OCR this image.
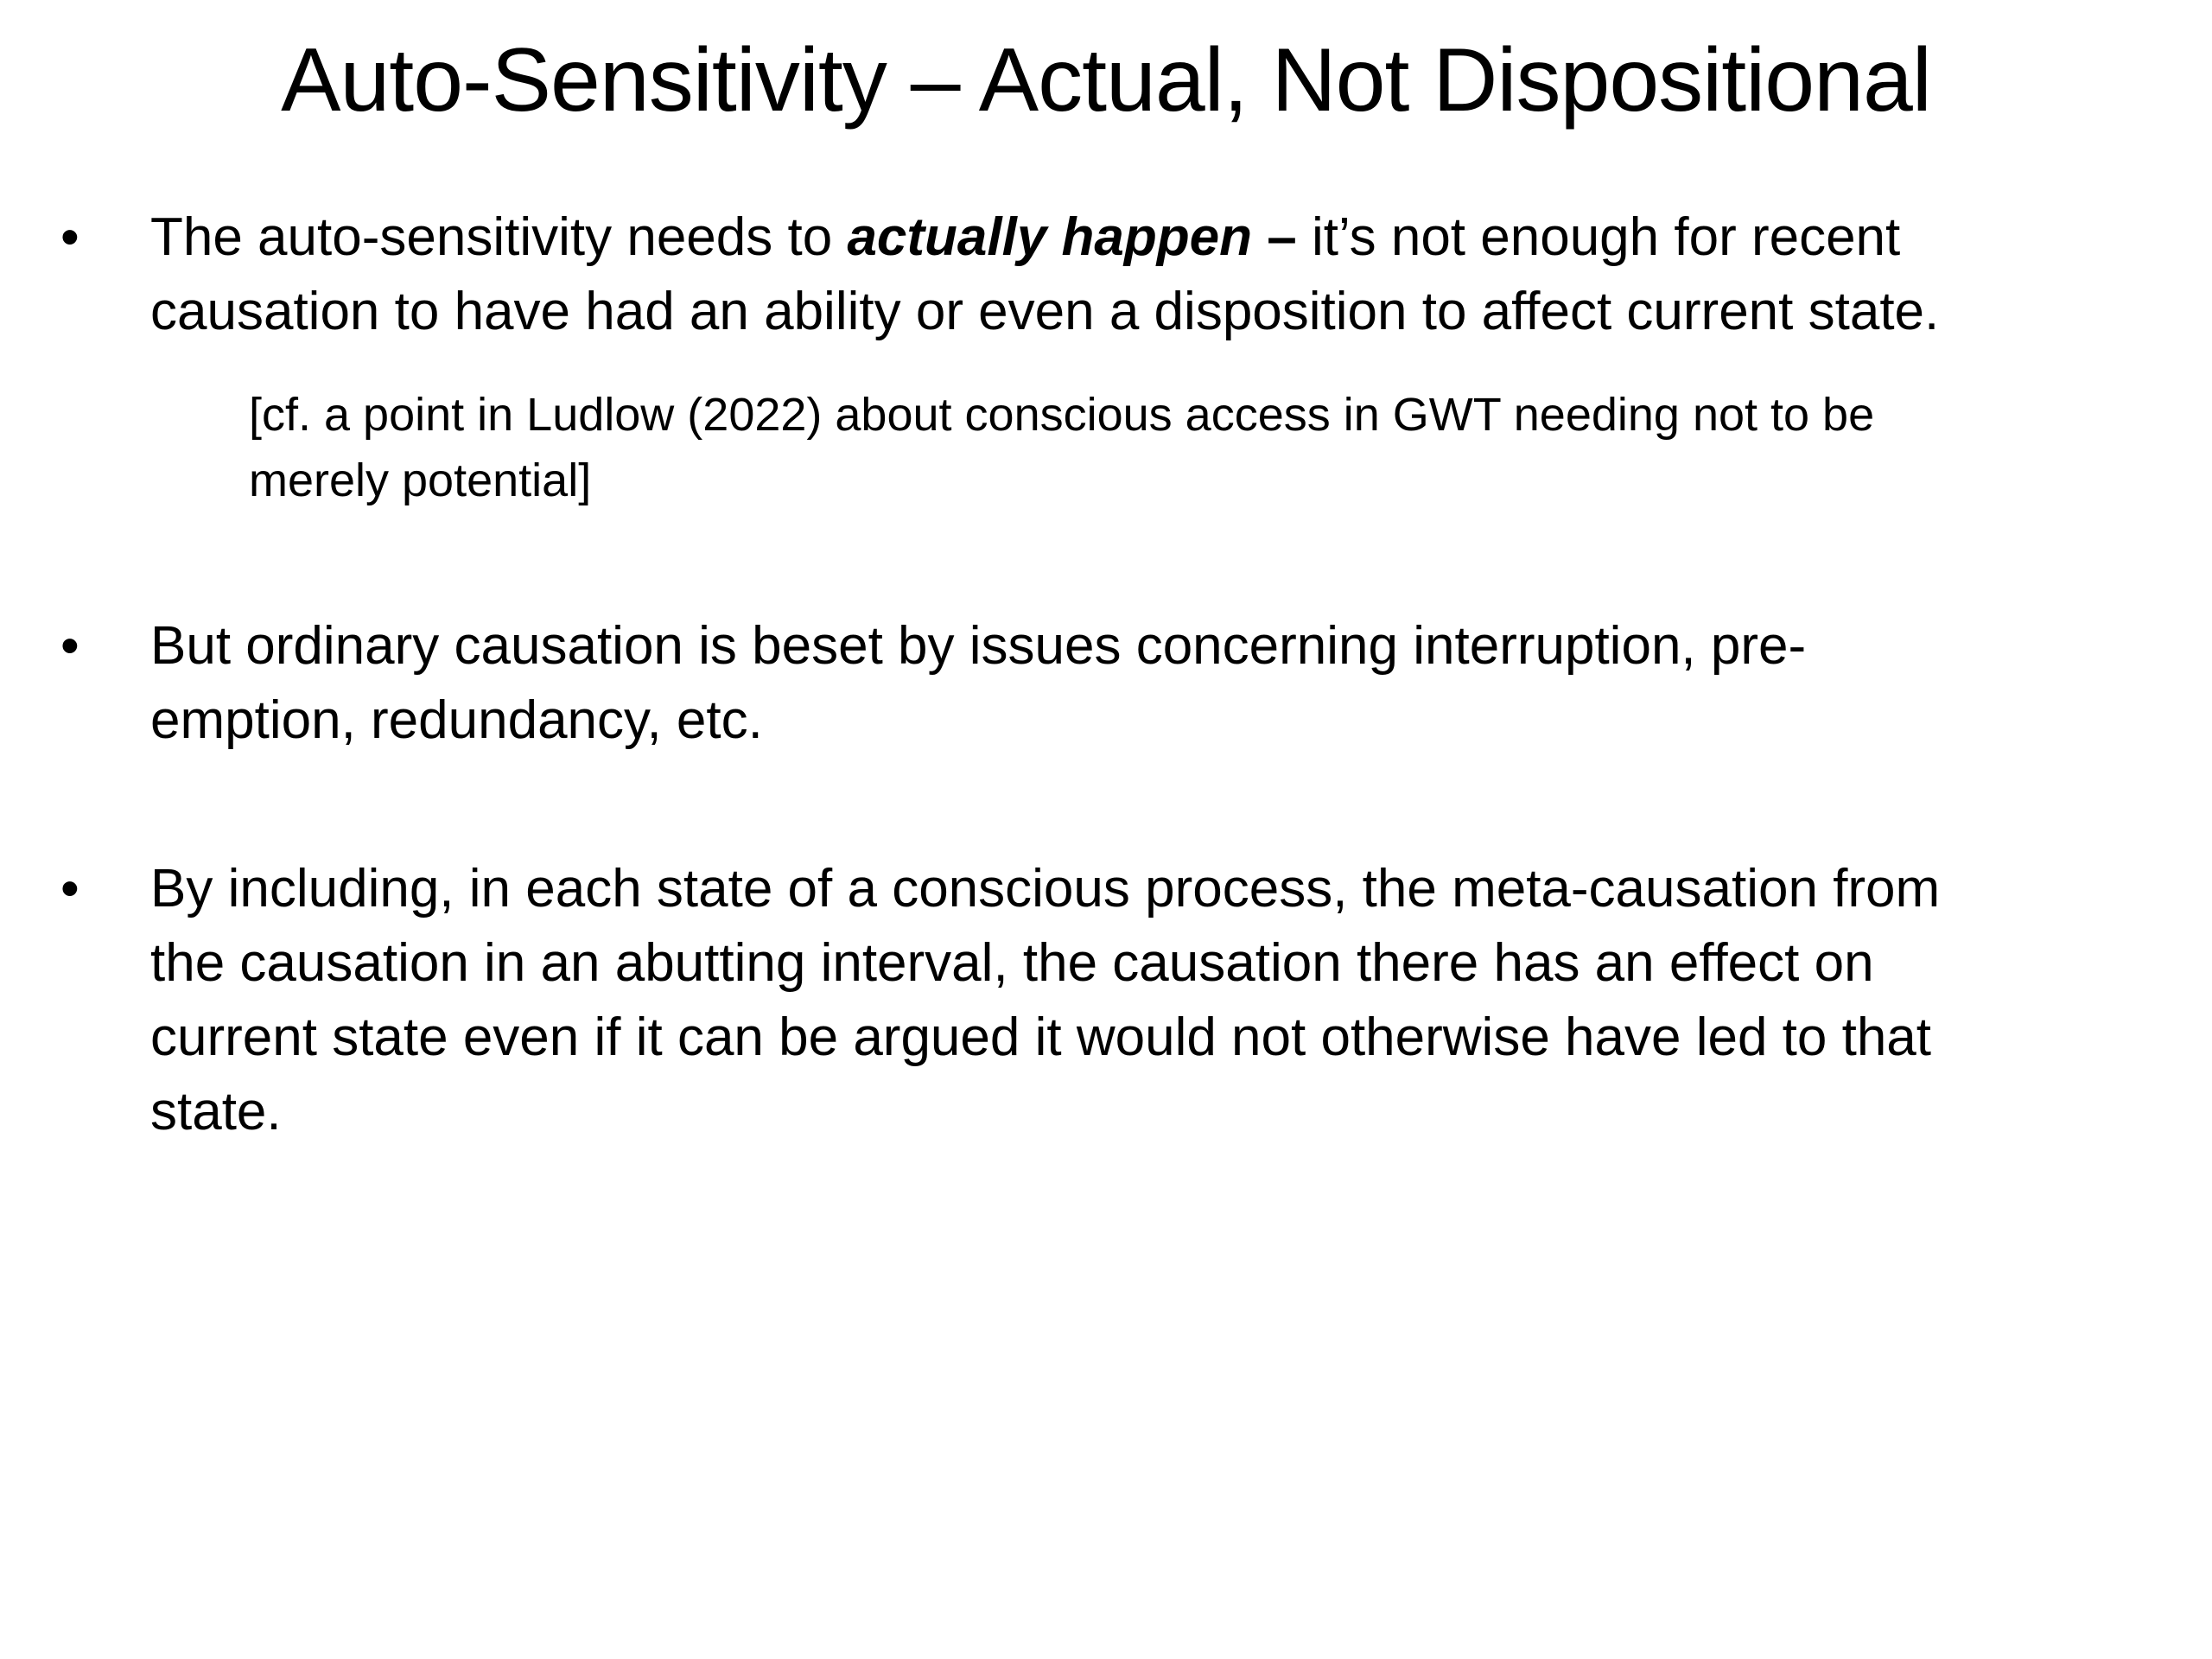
Auto-Sensitivity – Actual, Not Dispositional
• The auto-sensitivity needs to actually happen – it’s not enough for recent
causation to have had an ability or even a disposition to affect current state.
[cf. a point in Ludlow (2022) about conscious access in GWT needing not to be
merely potential]
• But ordinary causation is beset by issues concerning interruption, pre-
emption, redundancy, etc.
• By including, in each state of a conscious process, the meta-causation from
the causation in an abutting interval, the causation there has an effect on
current state even if it can be argued it would not otherwise have led to that
state.
